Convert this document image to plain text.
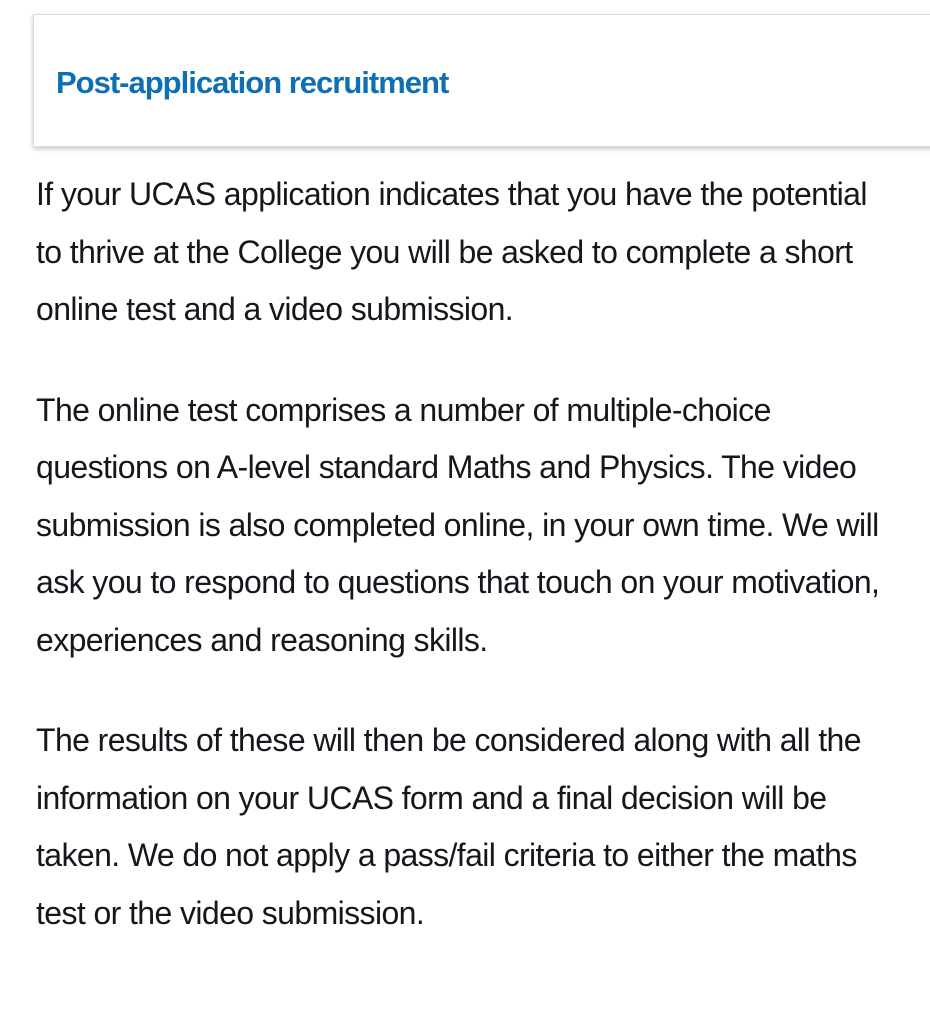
Post-application recruitment

If your UCAS application indicates that you have the potential to thrive at the College you will be asked to complete a short online test and a video submission.

The online test comprises a number of multiple-choice questions on A-level standard Maths and Physics. The video submission is also completed online, in your own time. We will ask you to respond to questions that touch on your motivation, experiences and reasoning skills.

The results of these will then be considered along with all the information on your UCAS form and a final decision will be taken. We do not apply a pass/fail criteria to either the maths test or the video submission.
